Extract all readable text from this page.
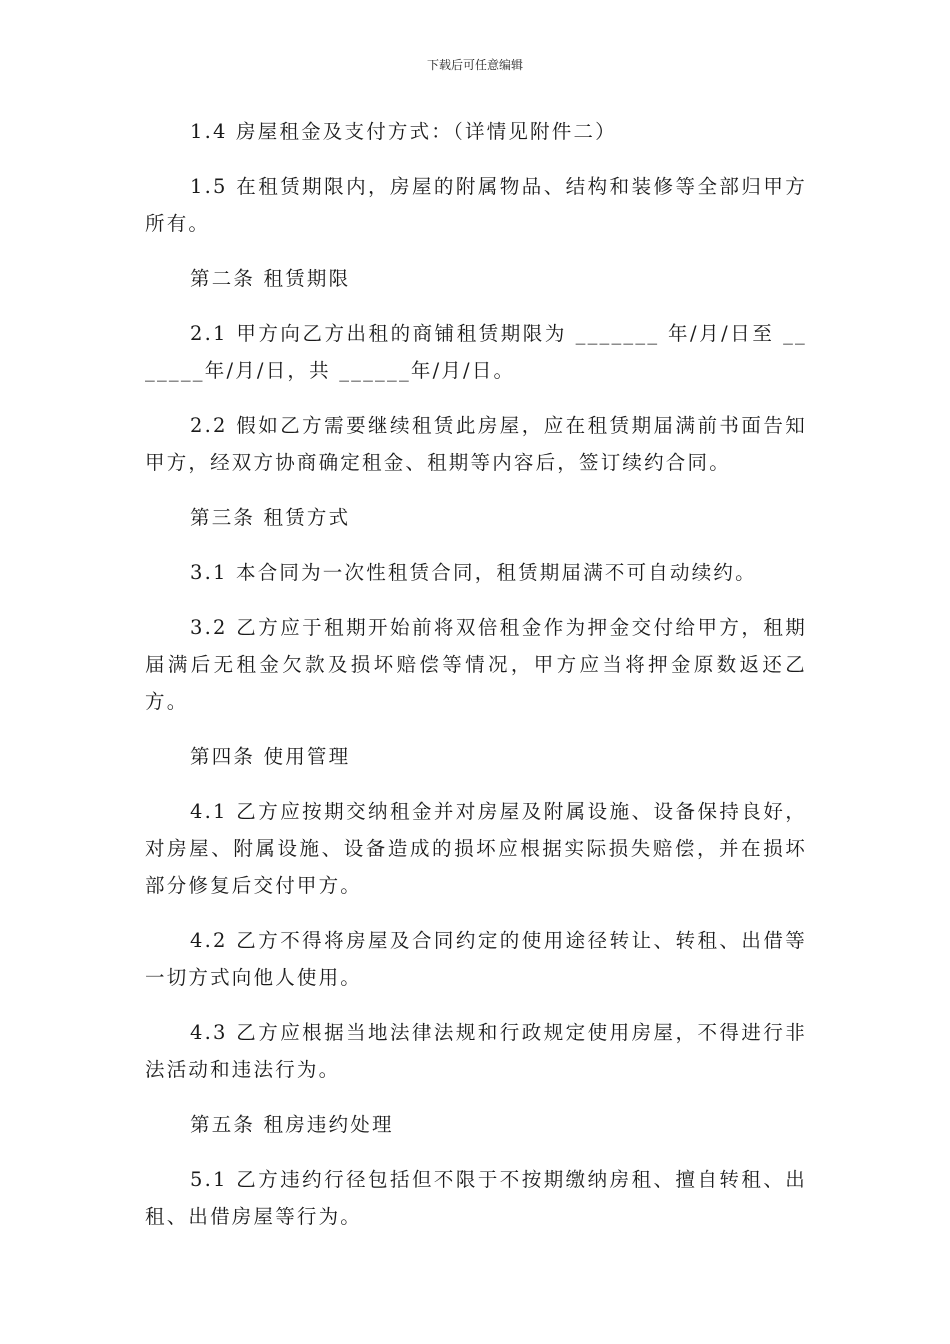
下载后可任意编辑

1.4 房屋租金及支付方式：（详情见附件二）

1.5 在租赁期限内，房屋的附属物品、结构和装修等全部归甲方所有。

第二条 租赁期限

2.1 甲方向乙方出租的商铺租赁期限为 _______ 年/月/日至 _______年/月/日，共 ______年/月/日。

2.2 假如乙方需要继续租赁此房屋，应在租赁期届满前书面告知甲方，经双方协商确定租金、租期等内容后，签订续约合同。

第三条 租赁方式

3.1 本合同为一次性租赁合同，租赁期届满不可自动续约。

3.2 乙方应于租期开始前将双倍租金作为押金交付给甲方，租期届满后无租金欠款及损坏赔偿等情况，甲方应当将押金原数返还乙方。

第四条 使用管理

4.1 乙方应按期交纳租金并对房屋及附属设施、设备保持良好，对房屋、附属设施、设备造成的损坏应根据实际损失赔偿，并在损坏部分修复后交付甲方。

4.2 乙方不得将房屋及合同约定的使用途径转让、转租、出借等一切方式向他人使用。

4.3 乙方应根据当地法律法规和行政规定使用房屋，不得进行非法活动和违法行为。

第五条 租房违约处理

5.1 乙方违约行径包括但不限于不按期缴纳房租、擅自转租、出租、出借房屋等行为。
